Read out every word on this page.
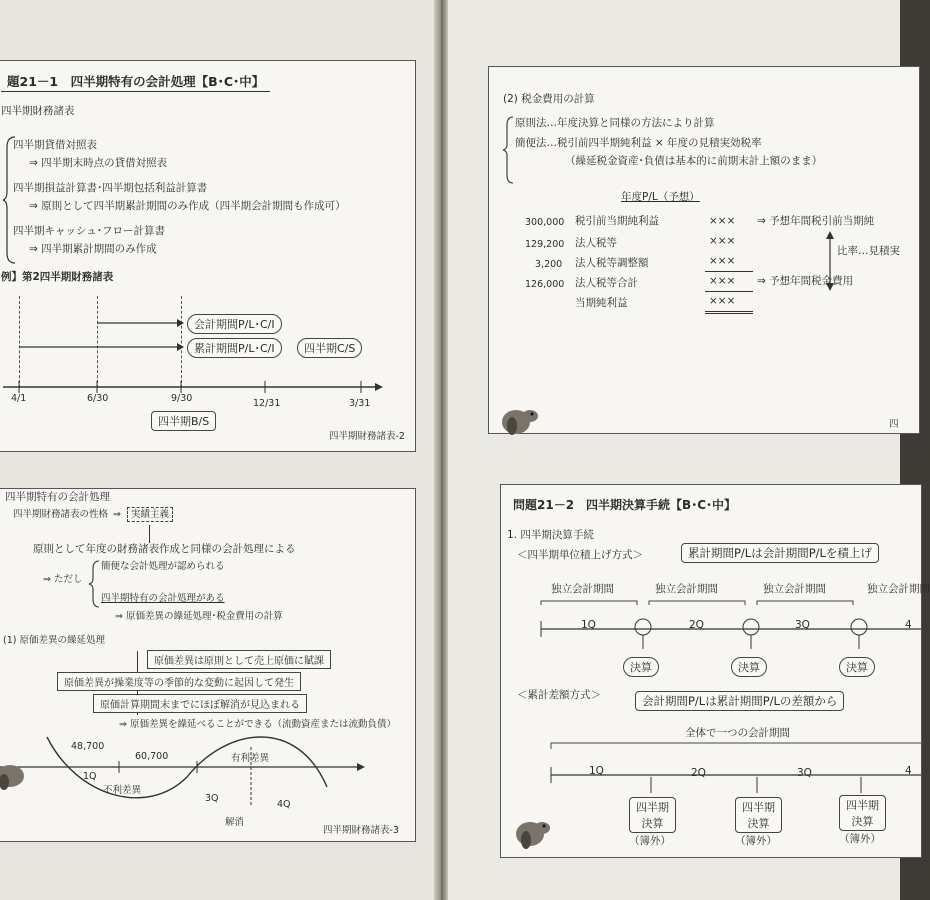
題21－1　四半期特有の会計処理【B･C･中】
四半期財務諸表
四半期貸借対照表
⇒ 四半期末時点の貸借対照表
四半期損益計算書･四半期包括利益計算書
⇒ 原則として四半期累計期間のみ作成（四半期会計期間も作成可）
四半期キャッシュ･フロー計算書
⇒ 四半期累計期間のみ作成
例】第2四半期財務諸表
会計期間P/L･C/I
累計期間P/L･C/I	四半期C/S
4/1	6/30	9/30	12/31	3/31
四半期B/S
四半期財務諸表-2
四半期特有の会計処理
四半期財務諸表の性格 ⇒	実績主義
原則として年度の財務諸表作成と同様の会計処理による
⇒ ただし
簡便な会計処理が認められる
四半期特有の会計処理がある
⇒ 原価差異の繰延処理･税金費用の計算
(1) 原価差異の繰延処理
原価差異は原則として売上原価に賦課
原価差異が操業度等の季節的な変動に起因して発生
原価計算期間末までにほぼ解消が見込まれる
⇒ 原価差異を繰延べることができる（流動資産または流動負債）
48,700
60,700	有利差異
1Q
不利差異
3Q
4Q
解消
四半期財務諸表-3
(2) 税金費用の計算
原則法…年度決算と同様の方法により計算
簡便法…税引前四半期純利益 × 年度の見積実効税率
（繰延税金資産･負債は基本的に前期末計上額のまま）
年度P/L（予想）
300,000 税引前当期純利益	×××
129,200 法人税等	×××
3,200 法人税等調整額	×××
126,000 法人税等合計	×××
当期純利益	×××
⇒ 予想年間税引前当期純
比率…見積実
⇒ 予想年間税金費用
四
問題21－2　四半期決算手続【B･C･中】
1. 四半期決算手続
＜四半期単位積上げ方式＞	累計期間P/Lは会計期間P/Lを積上げ
独立会計期間	独立会計期間	独立会計期間	独立会計期間
1Q	2Q	3Q	4
決算	決算	決算
＜累計差額方式＞	会計期間P/Lは累計期間P/Lの差額から
全体で一つの会計期間
1Q	2Q	3Q	4
四半期
決算
四半期
決算
四半期
決算
（簿外）	（簿外）	（簿外）
